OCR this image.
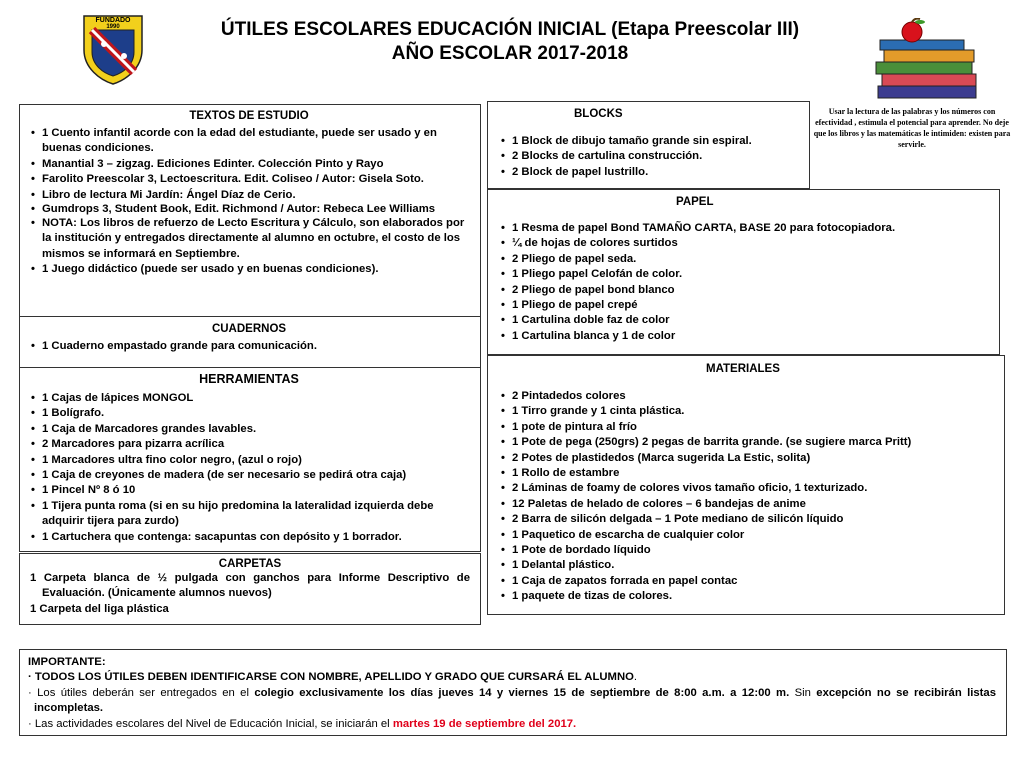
FUNDADO
1990	ÚTILES ESCOLARES EDUCACIÓN INICIAL (Etapa Preescolar III)
AÑO ESCOLAR 2017-2018
Usar la lectura de las palabras y los números con efectividad , estimula el potencial para aprender. No deje que los libros y las matemáticas le intimiden: existen para servirle.
TEXTOS DE ESTUDIO
• 1 Cuento infantil acorde con la edad del estudiante, puede ser usado y en buenas condiciones.
• Manantial 3 – zigzag. Ediciones Edinter. Colección Pinto y Rayo
• Farolito Preescolar 3, Lectoescritura. Edit. Coliseo / Autor: Gisela Soto.
• Libro de lectura Mi Jardín: Ángel Díaz de Cerio.
• Gumdrops 3, Student Book, Edit. Richmond / Autor: Rebeca Lee Williams
• NOTA: Los libros de refuerzo de Lecto Escritura y Cálculo, son elaborados por la institución y entregados directamente al alumno en octubre, el costo de los mismos se informará en Septiembre.
• 1 Juego didáctico (puede ser usado y en buenas condiciones).
CUADERNOS
• 1 Cuaderno empastado grande para comunicación.
HERRAMIENTAS
• 1 Cajas de lápices MONGOL
• 1 Bolígrafo.
• 1 Caja de Marcadores grandes lavables.
• 2 Marcadores para pizarra acrílica
• 1 Marcadores ultra fino color negro, (azul o rojo)
• 1 Caja de creyones de madera (de ser necesario se pedirá otra caja)
• 1 Pincel Nº 8 ó 10
• 1 Tijera punta roma (si en su hijo predomina la lateralidad izquierda debe adquirir tijera para zurdo)
• 1 Cartuchera que contenga: sacapuntas con depósito y 1 borrador.
CARPETAS

1 Carpeta blanca de ½ pulgada con ganchos para Informe Descriptivo de Evaluación. (Únicamente alumnos nuevos)

1 Carpeta del liga plástica

BLOCKS
• 1 Block de dibujo tamaño grande sin espiral.
• 2 Blocks de cartulina construcción.
• 2 Block de papel lustrillo.
PAPEL
• 1 Resma de papel Bond TAMAÑO CARTA, BASE 20 para fotocopiadora.
• ¼ de hojas de colores surtidos
• 2 Pliego de papel seda.
• 1 Pliego papel Celofán de color.
• 2 Pliego de papel bond blanco
• 1 Pliego de papel crepé
• 1 Cartulina doble faz de color
• 1 Cartulina blanca y 1 de color
MATERIALES
• 2 Pintadedos colores
• 1 Tirro grande y 1 cinta plástica.
• 1 pote de pintura al frío
• 1 Pote de pega (250grs) 2 pegas de barrita grande. (se sugiere marca Pritt)
• 2 Potes de plastidedos (Marca sugerida La Estic, solita)
• 1 Rollo de estambre
• 2 Láminas de foamy de colores vivos tamaño oficio, 1 texturizado.
• 12 Paletas de helado de colores – 6 bandejas de anime
• 2 Barra de silicón delgada – 1 Pote mediano de silicón líquido
• 1 Paquetico de escarcha de cualquier color
• 1 Pote de bordado líquido
• 1 Delantal plástico.
• 1 Caja de zapatos forrada en papel contac
• 1 paquete de tizas de colores.

IMPORTANTE:

· TODOS LOS ÚTILES DEBEN IDENTIFICARSE CON NOMBRE, APELLIDO Y GRADO QUE CURSARÁ EL ALUMNO.

· Los útiles deberán ser entregados en el colegio exclusivamente los días jueves 14 y viernes 15 de septiembre de 8:00 a.m. a 12:00 m. Sin excepción no se recibirán listas incompletas.

· Las actividades escolares del Nivel de Educación Inicial, se iniciarán el martes 19 de septiembre del 2017.
